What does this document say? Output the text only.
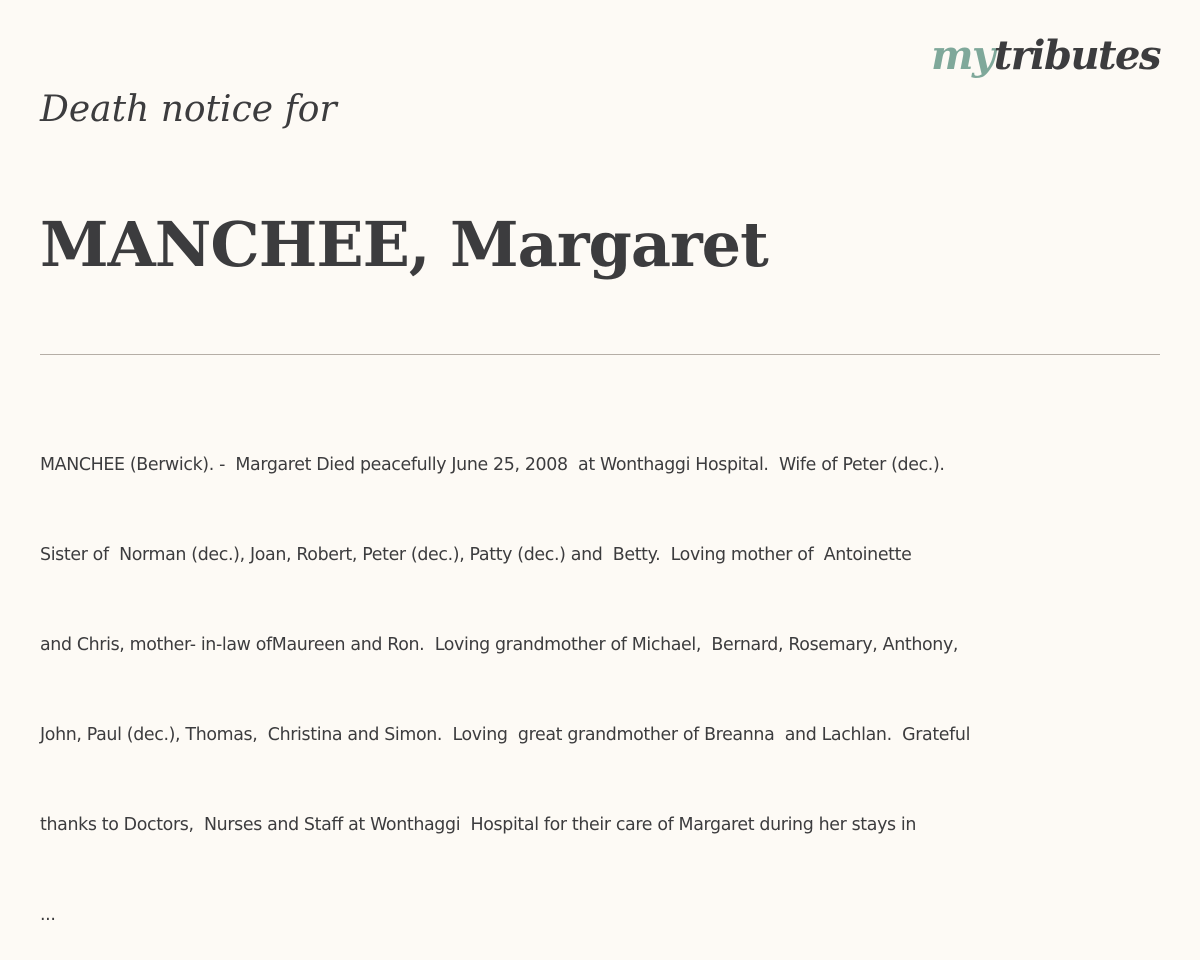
mytributes
Death notice for
MANCHEE, Margaret

MANCHEE (Berwick). -  Margaret Died peacefully June 25, 2008  at Wonthaggi Hospital.  Wife of Peter (dec.).

Sister of  Norman (dec.), Joan, Robert, Peter (dec.), Patty (dec.) and  Betty.  Loving mother of  Antoinette

and Chris, mother- in-law ofMaureen and Ron.  Loving grandmother of Michael,  Bernard, Rosemary, Anthony,

John, Paul (dec.), Thomas,  Christina and Simon.  Loving  great grandmother of Breanna  and Lachlan.  Grateful

thanks to Doctors,  Nurses and Staff at Wonthaggi  Hospital for their care of Margaret during her stays in

...
